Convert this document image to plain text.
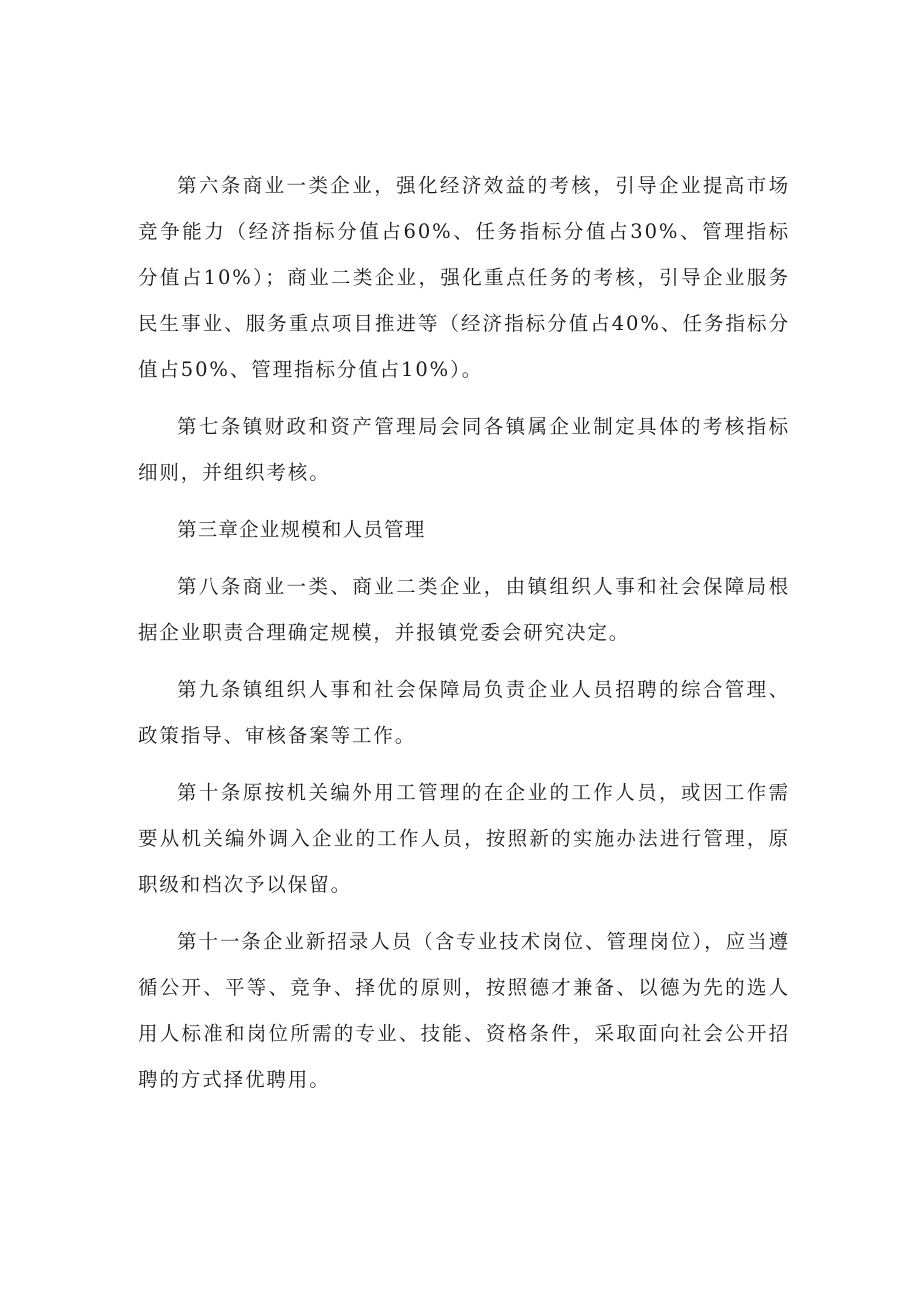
第六条商业一类企业，强化经济效益的考核，引导企业提高市场竞争能力（经济指标分值占60%、任务指标分值占30%、管理指标分值占10%）；商业二类企业，强化重点任务的考核，引导企业服务民生事业、服务重点项目推进等（经济指标分值占40%、任务指标分值占50%、管理指标分值占10%）。

第七条镇财政和资产管理局会同各镇属企业制定具体的考核指标细则，并组织考核。

第三章企业规模和人员管理

第八条商业一类、商业二类企业，由镇组织人事和社会保障局根据企业职责合理确定规模，并报镇党委会研究决定。

第九条镇组织人事和社会保障局负责企业人员招聘的综合管理、政策指导、审核备案等工作。

第十条原按机关编外用工管理的在企业的工作人员，或因工作需要从机关编外调入企业的工作人员，按照新的实施办法进行管理，原职级和档次予以保留。

第十一条企业新招录人员（含专业技术岗位、管理岗位），应当遵循公开、平等、竞争、择优的原则，按照德才兼备、以德为先的选人用人标准和岗位所需的专业、技能、资格条件，采取面向社会公开招聘的方式择优聘用。
